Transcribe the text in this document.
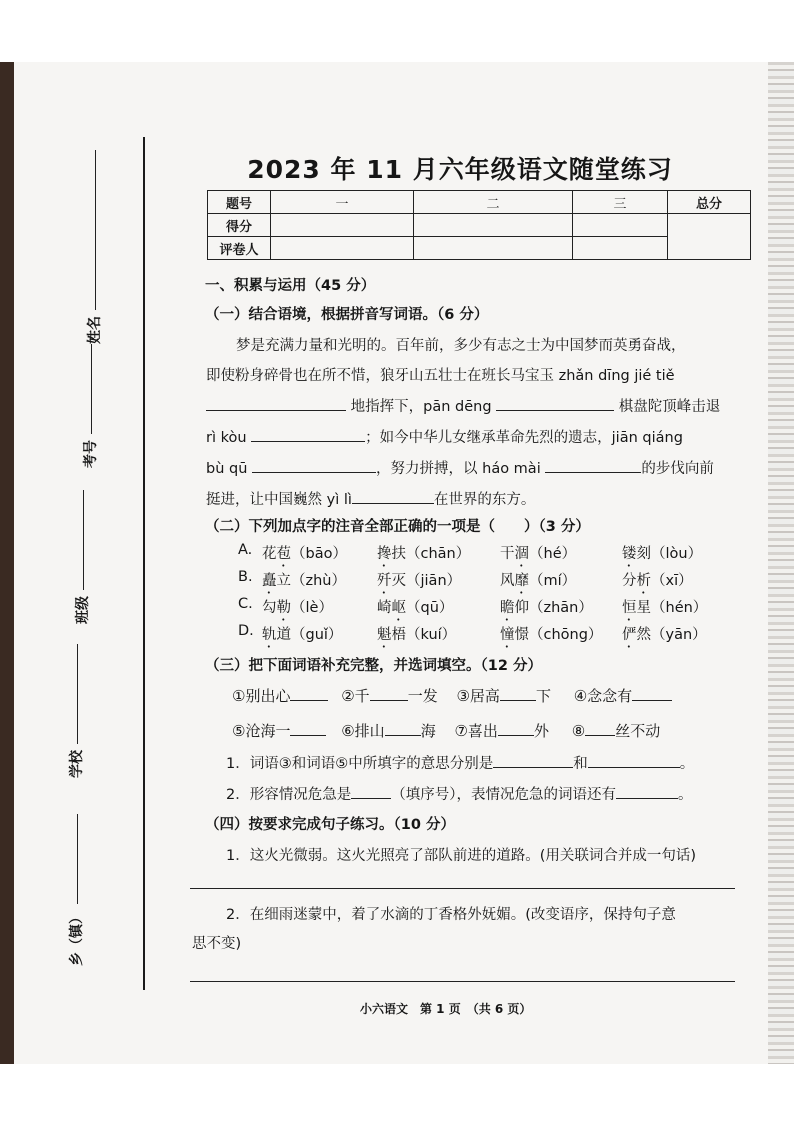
姓名
考号
班级
学校
乡（镇）
2023 年 11 月六年级语文随堂练习
题号	一	二	三	总分
得分				
评卷人				
一、积累与运用（45 分）
（一）结合语境，根据拼音写词语。（6 分）
梦是充满力量和光明的。百年前，多少有志之士为中国梦而英勇奋战，
即使粉身碎骨也在所不惜，狼牙山五壮士在班长马宝玉 zhǎn dīng jié tiě
地指挥下，pān dēng	棋盘陀顶峰击退
rì kòu	；如今中华儿女继承革命先烈的遗志，jiān qiáng
bù qū	，努力拼搏，以 háo mài	的步伐向前
挺进，让中国巍然 yì lì	在世界的东方。
（二）下列加点字的注音全部正确的一项是（　　）（3 分）
A. 花苞（bāo） 搀扶（chān） 干涸（hé）	镂刻（lòu）
B. 矗立（zhù） 歼灭（jiān）	风靡（mí）	分析（xī）
C. 勾勒（lè）	崎岖（qū）	瞻仰（zhān） 恒星（hén）
D. 轨道（guǐ） 魁梧（kuí）	憧憬（chōng） 俨然（yān）
（三）把下面词语补充完整，并选词填空。（12 分）
①别出心	②千	一发 ③居高 下 ④念念有
⑤沧海一	⑥排山 海 ⑦喜出 外 ⑧ 丝不动
1．词语③和词语⑤中所填字的意思分别是	和	。
2．形容情况危急是	（填序号），表情况危急的词语还有	。
（四）按要求完成句子练习。（10 分）
1．这火光微弱。这火光照亮了部队前进的道路。(用关联词合并成一句话)
2．在细雨迷蒙中，着了水滴的丁香格外妩媚。(改变语序，保持句子意
思不变)
小六语文　第 1 页　（共 6 页）
